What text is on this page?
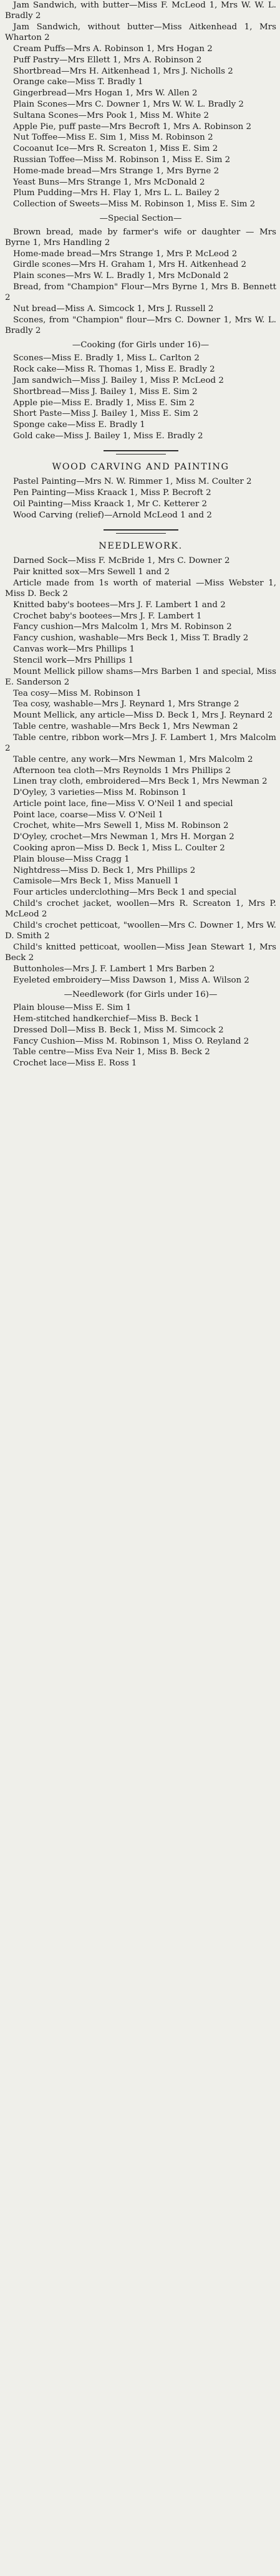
Jam Sandwich, with butter—Miss F. McLeod 1, Mrs W. W. L. Bradly 2

Jam Sandwich, without butter—Miss Aitkenhead 1, Mrs Wharton 2

Cream Puffs—Mrs A. Robinson 1, Mrs Hogan 2

Puff Pastry—Mrs Ellett 1, Mrs A. Robinson 2

Shortbread—Mrs H. Aitkenhead 1, Mrs J. Nicholls 2

Orange cake—Miss T. Bradly 1

Gingerbread—Mrs Hogan 1, Mrs W. Allen 2

Plain Scones—Mrs C. Downer 1, Mrs W. W. L. Bradly 2

Sultana Scones—Mrs Pook 1, Miss M. White 2

Apple Pie, puff paste—Mrs Becroft 1, Mrs A. Robinson 2

Nut Toffee—Miss E. Sim 1, Miss M. Robinson 2

Cocoanut Ice—Mrs R. Screaton 1, Miss E. Sim 2

Russian Toffee—Miss M. Robinson 1, Miss E. Sim 2

Home-made bread—Mrs Strange 1, Mrs Byrne 2

Yeast Buns—Mrs Strange 1, Mrs McDonald 2

Plum Pudding—Mrs H. Flay 1, Mrs L. L. Bailey 2

Collection of Sweets—Miss M. Robinson 1, Miss E. Sim 2

—Special Section—

Brown bread, made by farmer's wife or daughter — Mrs Byrne 1, Mrs Handling 2

Home-made bread—Mrs Strange 1, Mrs P. McLeod 2

Girdle scones—Mrs H. Graham 1, Mrs H. Aitkenhead 2

Plain scones—Mrs W. L. Bradly 1, Mrs McDonald 2

Bread, from "Champion" Flour—Mrs Byrne 1, Mrs B. Bennett 2

Nut bread—Miss A. Simcock 1, Mrs J. Russell 2

Scones, from "Champion" flour—Mrs C. Downer 1, Mrs W. L. Bradly 2

—Cooking (for Girls under 16)—

Scones—Miss E. Bradly 1, Miss L. Carlton 2

Rock cake—Miss R. Thomas 1, Miss E. Bradly 2

Jam sandwich—Miss J. Bailey 1, Miss P. McLeod 2

Shortbread—Miss J. Bailey 1, Miss E. Sim 2

Apple pie—Miss E. Bradly 1, Miss E. Sim 2

Short Paste—Miss J. Bailey 1, Miss E. Sim 2

Sponge cake—Miss E. Bradly 1

Gold cake—Miss J. Bailey 1, Miss E. Bradly 2

WOOD CARVING AND PAINTING

Pastel Painting—Mrs N. W. Rimmer 1, Miss M. Coulter 2

Pen Painting—Miss Kraack 1, Miss P. Becroft 2

Oil Painting—Miss Kraack 1, Mr C. Ketterer 2

Wood Carving (relief)—Arnold McLeod 1 and 2

NEEDLEWORK.

Darned Sock—Miss F. McBride 1, Mrs C. Downer 2

Pair knitted sox—Mrs Sewell 1 and 2

Article made from 1s worth of material —Miss Webster 1, Miss D. Beck 2

Knitted baby's bootees—Mrs J. F. Lambert 1 and 2

Crochet baby's bootees—Mrs J. F. Lambert 1

Fancy cushion—Mrs Malcolm 1, Mrs M. Robinson 2

Fancy cushion, washable—Mrs Beck 1, Miss T. Bradly 2

Canvas work—Mrs Phillips 1

Stencil work—Mrs Phillips 1

Mount Mellick pillow shams—Mrs Barben 1 and special, Miss E. Sanderson 2

Tea cosy—Miss M. Robinson 1

Tea cosy, washable—Mrs J. Reynard 1, Mrs Strange 2

Mount Mellick, any article—Miss D. Beck 1, Mrs J. Reynard 2

Table centre, washable—Mrs Beck 1, Mrs Newman 2

Table centre, ribbon work—Mrs J. F. Lambert 1, Mrs Malcolm 2

Table centre, any work—Mrs Newman 1, Mrs Malcolm 2

Afternoon tea cloth—Mrs Reynolds 1 Mrs Phillips 2

Linen tray cloth, embroidered—Mrs Beck 1, Mrs Newman 2

D'Oyley, 3 varieties—Miss M. Robinson 1

Article point lace, fine—Miss V. O'Neil 1 and special

Point lace, coarse—Miss V. O'Neil 1

Crochet, white—Mrs Sewell 1, Miss M. Robinson 2

D'Oyley, crochet—Mrs Newman 1, Mrs H. Morgan 2

Cooking apron—Miss D. Beck 1, Miss L. Coulter 2

Plain blouse—Miss Cragg 1

Nightdress—Miss D. Beck 1, Mrs Phillips 2

Camisole—Mrs Beck 1, Miss Manuell 1

Four articles underclothing—Mrs Beck 1 and special

Child's crochet jacket, woollen—Mrs R. Screaton 1, Mrs P. McLeod 2

Child's crochet petticoat, "woollen—Mrs C. Downer 1, Mrs W. D. Smith 2

Child's knitted petticoat, woollen—Miss Jean Stewart 1, Mrs Beck 2

Buttonholes—Mrs J. F. Lambert 1 Mrs Barben 2

Eyeleted embroidery—Miss Dawson 1, Miss A. Wilson 2

—Needlework (for Girls under 16)—

Plain blouse—Miss E. Sim 1

Hem-stitched handkerchief—Miss B. Beck 1

Dressed Doll—Miss B. Beck 1, Miss M. Simcock 2

Fancy Cushion—Miss M. Robinson 1, Miss O. Reyland 2

Table centre—Miss Eva Neir 1, Miss B. Beck 2

Crochet lace—Miss E. Ross 1
